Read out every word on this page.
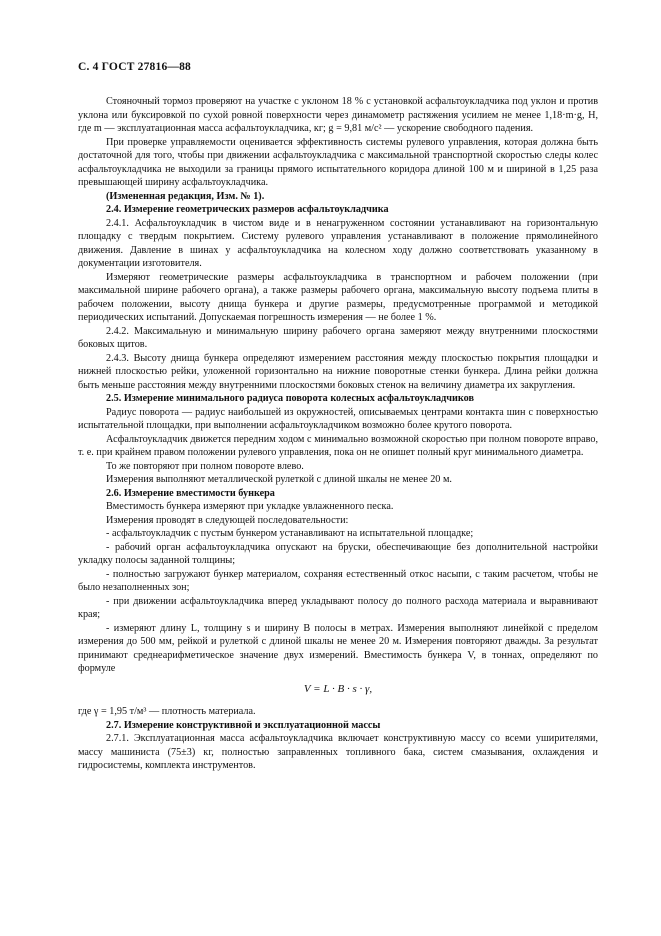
С. 4 ГОСТ 27816—88

Стояночный тормоз проверяют на участке с уклоном 18 % с установкой асфальтоукладчика под уклон и против уклона или буксировкой по сухой ровной поверхности через динамометр растяжения усилием не менее 1,18·m·g, Н, где m — эксплуатационная масса асфальтоукладчика, кг; g = 9,81 м/с² — ускорение свободного падения.

При проверке управляемости оценивается эффективность системы рулевого управления, которая должна быть достаточной для того, чтобы при движении асфальтоукладчика с максимальной транспортной скоростью следы колес асфальтоукладчика не выходили за границы прямого испытательного коридора длиной 100 м и шириной в 1,25 раза превышающей ширину асфальтоукладчика.

(Измененная редакция, Изм. № 1).

2.4. Измерение геометрических размеров асфальтоукладчика

2.4.1. Асфальтоукладчик в чистом виде и в ненагруженном состоянии устанавливают на горизонтальную площадку с твердым покрытием. Систему рулевого управления устанавливают в положение прямолинейного движения. Давление в шинах у асфальтоукладчика на колесном ходу должно соответствовать указанному в документации изготовителя.

Измеряют геометрические размеры асфальтоукладчика в транспортном и рабочем положении (при максимальной ширине рабочего органа), а также размеры рабочего органа, максимальную высоту подъема плиты в рабочем положении, высоту днища бункера и другие размеры, предусмотренные программой и методикой периодических испытаний. Допускаемая погрешность измерения — не более 1 %.

2.4.2. Максимальную и минимальную ширину рабочего органа замеряют между внутренними плоскостями боковых щитов.

2.4.3. Высоту днища бункера определяют измерением расстояния между плоскостью покрытия площадки и нижней плоскостью рейки, уложенной горизонтально на нижние поворотные стенки бункера. Длина рейки должна быть меньше расстояния между внутренними плоскостями боковых стенок на величину диаметра их закругления.

2.5. Измерение минимального радиуса поворота колесных асфальтоукладчиков

Радиус поворота — радиус наибольшей из окружностей, описываемых центрами контакта шин с поверхностью испытательной площадки, при выполнении асфальтоукладчиком возможно более крутого поворота.

Асфальтоукладчик движется передним ходом с минимально возможной скоростью при полном повороте вправо, т. е. при крайнем правом положении рулевого управления, пока он не опишет полный круг минимального диаметра.

То же повторяют при полном повороте влево.

Измерения выполняют металлической рулеткой с длиной шкалы не менее 20 м.

2.6. Измерение вместимости бункера

Вместимость бункера измеряют при укладке увлажненного песка.

Измерения проводят в следующей последовательности:

- асфальтоукладчик с пустым бункером устанавливают на испытательной площадке;

- рабочий орган асфальтоукладчика опускают на бруски, обеспечивающие без дополнительной настройки укладку полосы заданной толщины;

- полностью загружают бункер материалом, сохраняя естественный откос насыпи, с таким расчетом, чтобы не было незаполненных зон;

- при движении асфальтоукладчика вперед укладывают полосу до полного расхода материала и выравнивают края;

- измеряют длину L, толщину s и ширину B полосы в метрах. Измерения выполняют линейкой с пределом измерения до 500 мм, рейкой и рулеткой с длиной шкалы не менее 20 м. Измерения повторяют дважды. За результат принимают среднеарифметическое значение двух измерений. Вместимость бункера V, в тоннах, определяют по формуле

V = L · B · s · γ,

где γ = 1,95 т/м³ — плотность материала.

2.7. Измерение конструктивной и эксплуатационной массы

2.7.1. Эксплуатационная масса асфальтоукладчика включает конструктивную массу со всеми уширителями, массу машиниста (75±3) кг, полностью заправленных топливного бака, систем смазывания, охлаждения и гидросистемы, комплекта инструментов.
